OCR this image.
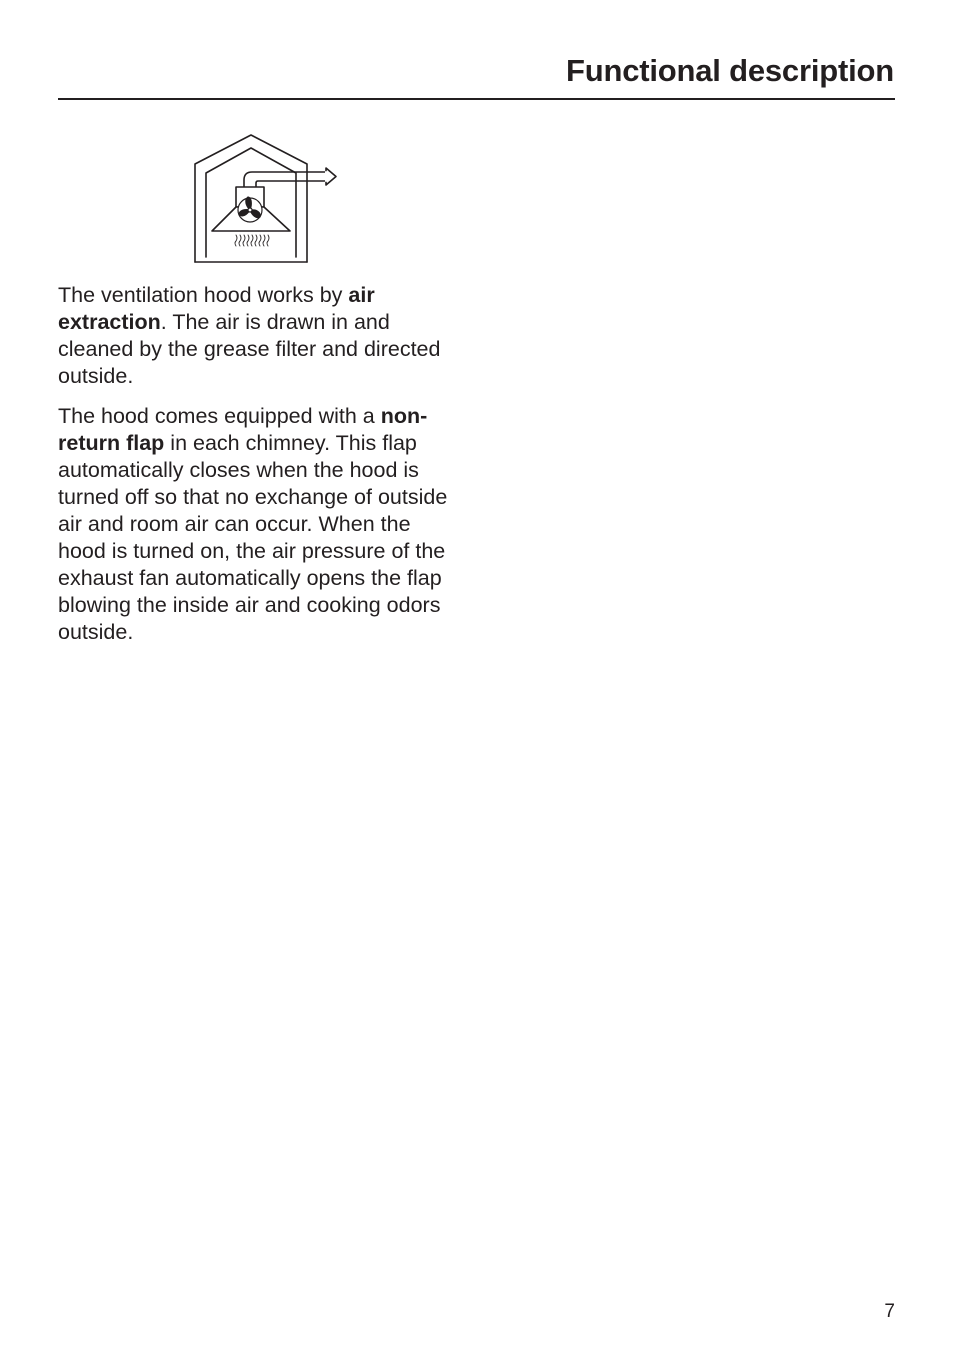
Functional description

The ventilation hood works by air extraction. The air is drawn in and cleaned by the grease filter and directed outside.

The hood comes equipped with a non-return flap in each chimney. This flap automatically closes when the hood is turned off so that no exchange of outside air and room air can occur. When the hood is turned on, the air pressure of the exhaust fan automatically opens the flap blowing the inside air and cooking odors outside.

7
